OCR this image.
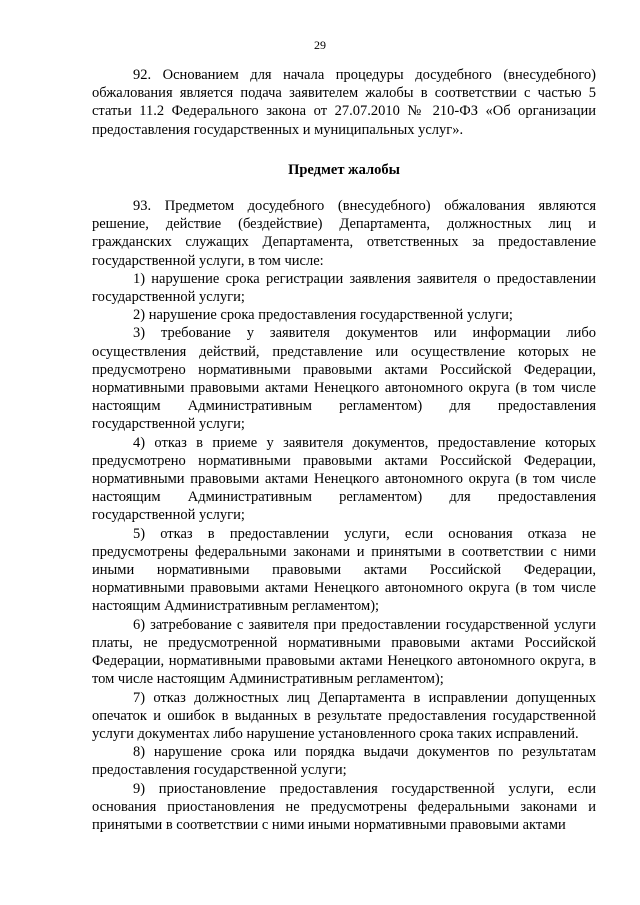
29

92. Основанием для начала процедуры досудебного (внесудебного) обжалования является подача заявителем жалобы в соответствии с частью 5 статьи 11.2 Федерального закона от 27.07.2010 № 210-ФЗ «Об организации предоставления государственных и муниципальных услуг».

Предмет жалобы

93. Предметом досудебного (внесудебного) обжалования являются решение, действие (бездействие) Департамента, должностных лиц и гражданских служащих Департамента, ответственных за предоставление государственной услуги, в том числе:

1) нарушение срока регистрации заявления заявителя о предоставлении государственной услуги;

2) нарушение срока предоставления государственной услуги;

3) требование у заявителя документов или информации либо осуществления действий, представление или осуществление которых не предусмотрено нормативными правовыми актами Российской Федерации, нормативными правовыми актами Ненецкого автономного округа (в том числе настоящим Административным регламентом) для предоставления государственной услуги;

4) отказ в приеме у заявителя документов, предоставление которых предусмотрено нормативными правовыми актами Российской Федерации, нормативными правовыми актами Ненецкого автономного округа (в том числе настоящим Административным регламентом) для предоставления государственной услуги;

5) отказ в предоставлении услуги, если основания отказа не предусмотрены федеральными законами и принятыми в соответствии с ними иными нормативными правовыми актами Российской Федерации, нормативными правовыми актами Ненецкого автономного округа (в том числе настоящим Административным регламентом);

6) затребование с заявителя при предоставлении государственной услуги платы, не предусмотренной нормативными правовыми актами Российской Федерации, нормативными правовыми актами Ненецкого автономного округа, в том числе настоящим Административным регламентом);

7) отказ должностных лиц Департамента в исправлении допущенных опечаток и ошибок в выданных в результате предоставления государственной услуги документах либо нарушение установленного срока таких исправлений.

8) нарушение срока или порядка выдачи документов по результатам предоставления государственной услуги;

9) приостановление предоставления государственной услуги, если основания приостановления не предусмотрены федеральными законами и принятыми в соответствии с ними иными нормативными правовыми актами
